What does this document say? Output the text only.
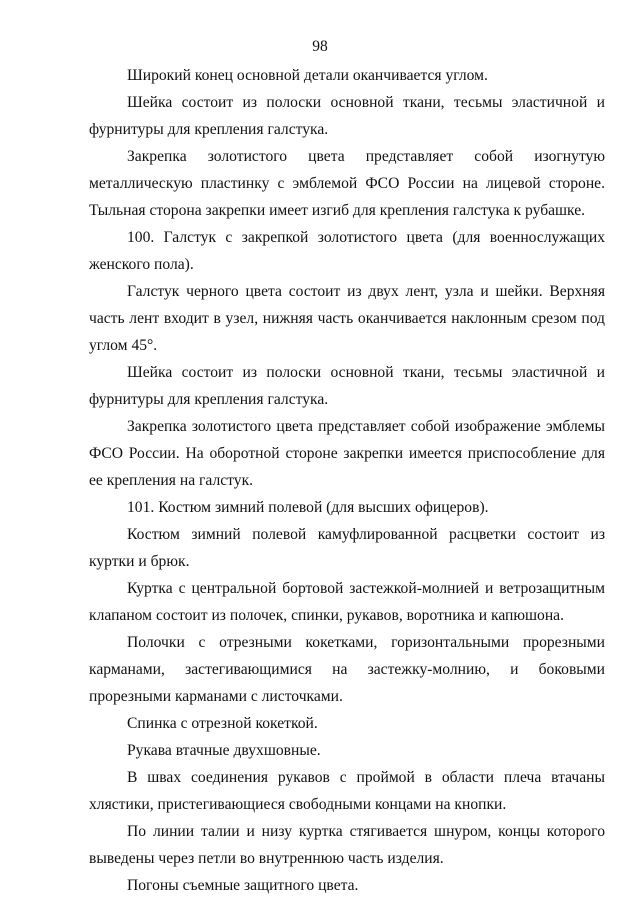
98

Широкий конец основной детали оканчивается углом.

Шейка состоит из полоски основной ткани, тесьмы эластичной и фурнитуры для крепления галстука.

Закрепка золотистого цвета представляет собой изогнутую металлическую пластинку с эмблемой ФСО России на лицевой стороне. Тыльная сторона закрепки имеет изгиб для крепления галстука к рубашке.

100. Галстук с закрепкой золотистого цвета (для военнослужащих женского пола).

Галстук черного цвета состоит из двух лент, узла и шейки. Верхняя часть лент входит в узел, нижняя часть оканчивается наклонным срезом под углом 45°.

Шейка состоит из полоски основной ткани, тесьмы эластичной и фурнитуры для крепления галстука.

Закрепка золотистого цвета представляет собой изображение эмблемы ФСО России. На оборотной стороне закрепки имеется приспособление для ее крепления на галстук.

101. Костюм зимний полевой (для высших офицеров).

Костюм зимний полевой камуфлированной расцветки состоит из куртки и брюк.

Куртка с центральной бортовой застежкой-молнией и ветрозащитным клапаном состоит из полочек, спинки, рукавов, воротника и капюшона.

Полочки с отрезными кокетками, горизонтальными прорезными карманами, застегивающимися на застежку-молнию, и боковыми прорезными карманами с листочками.

Спинка с отрезной кокеткой.

Рукава втачные двухшовные.

В швах соединения рукавов с проймой в области плеча втачаны хлястики, пристегивающиеся свободными концами на кнопки.

По линии талии и низу куртка стягивается шнуром, концы которого выведены через петли во внутреннюю часть изделия.

Погоны съемные защитного цвета.
